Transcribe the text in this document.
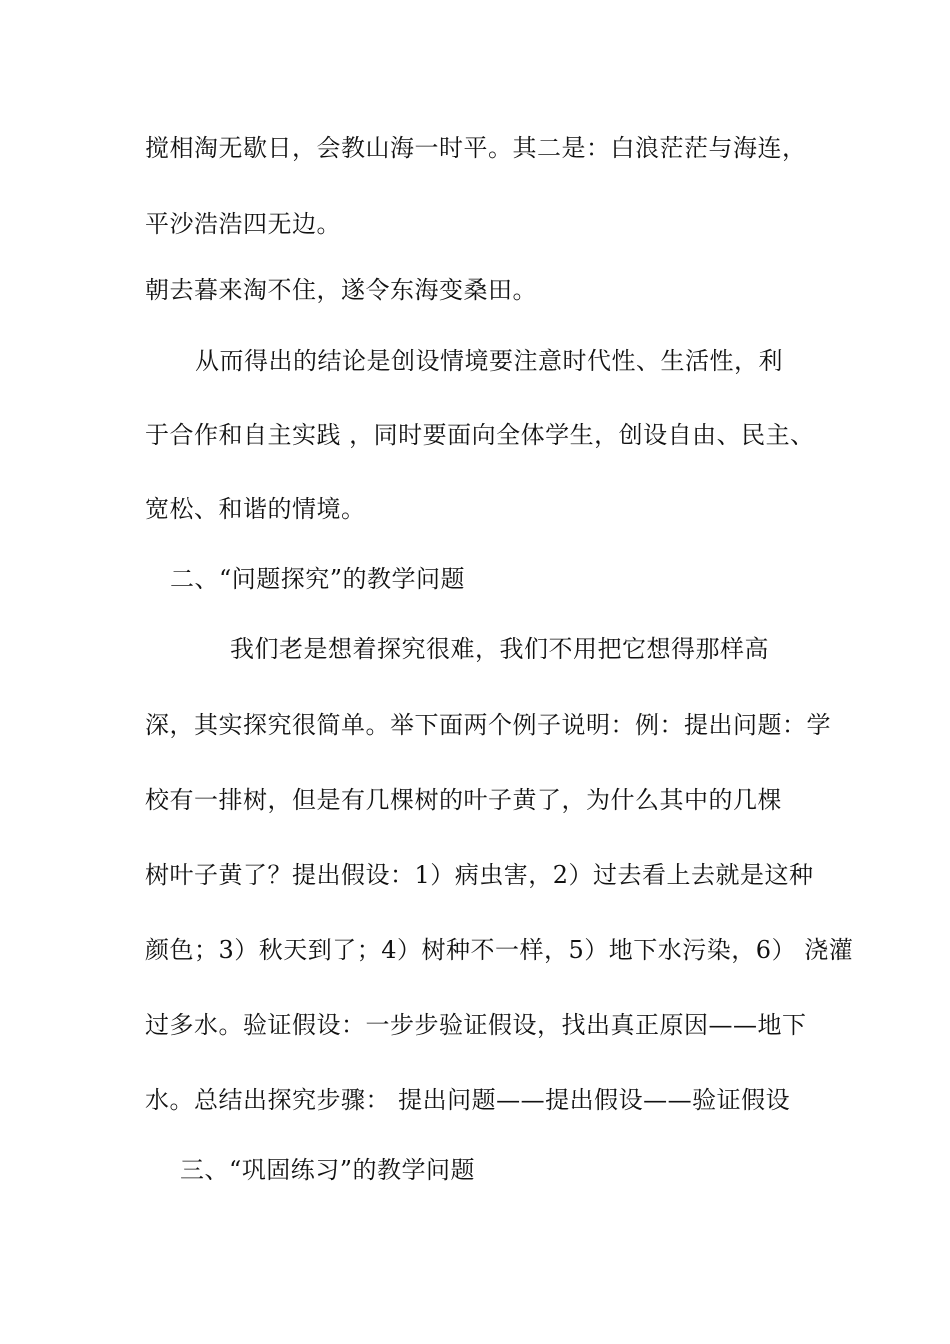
搅相淘无歇日，会教山海一时平。其二是：白浪茫茫与海连，
平沙浩浩四无边。
朝去暮来淘不住，遂令东海变桑田。
从而得出的结论是创设情境要注意时代性、生活性，利
于合作和自主实践 ，同时要面向全体学生，创设自由、民主、
宽松、和谐的情境。
二、“问题探究”的教学问题
我们老是想着探究很难，我们不用把它想得那样高
深，其实探究很简单。举下面两个例子说明：例：提出问题：学
校有一排树，但是有几棵树的叶子黄了，为什么其中的几棵
树叶子黄了？提出假设：1）病虫害，2）过去看上去就是这种
颜色；3）秋天到了；4）树种不一样，5）地下水污染，6） 浇灌
过多水。验证假设：一步步验证假设，找出真正原因——地下
水。总结出探究步骤： 提出问题——提出假设——验证假设
三、“巩固练习”的教学问题
